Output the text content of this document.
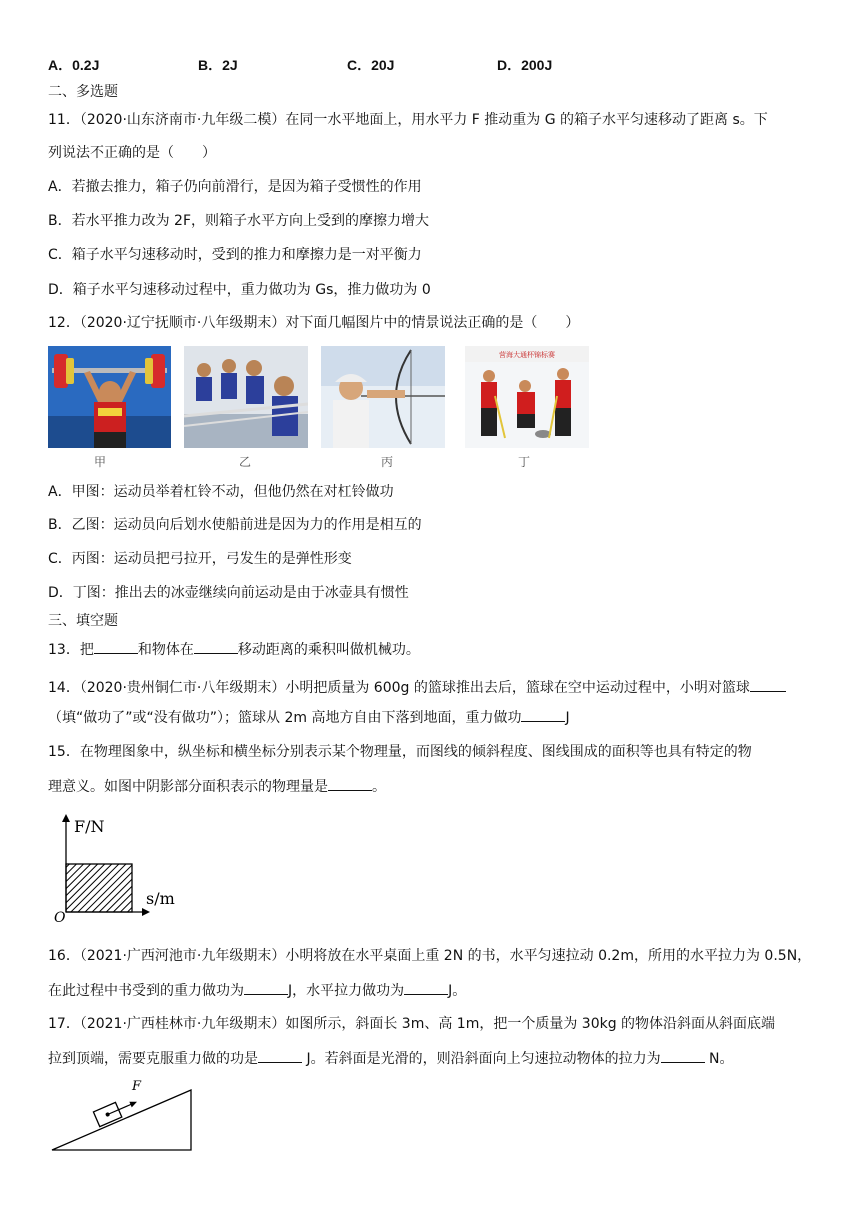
A．0.2J	B．2J	C．20J	D．200J
二、多选题
11．（2020·山东济南市·九年级二模）在同一水平地面上，用水平力 F 推动重为 G 的箱子水平匀速移动了距离 s。下
列说法不正确的是（　　）
A．若撤去推力，箱子仍向前滑行，是因为箱子受惯性的作用
B．若水平推力改为 2F，则箱子水平方向上受到的摩擦力增大
C．箱子水平匀速移动时，受到的推力和摩擦力是一对平衡力
D．箱子水平匀速移动过程中，重力做功为 Gs，推力做功为 0
12．（2020·辽宁抚顺市·八年级期末）对下面几幅图片中的情景说法正确的是（　　）
营海大通杯锦标赛
甲	乙	丙	丁
A．甲图：运动员举着杠铃不动，但他仍然在对杠铃做功
B．乙图：运动员向后划水使船前进是因为力的作用是相互的
C．丙图：运动员把弓拉开，弓发生的是弹性形变
D．丁图：推出去的冰壶继续向前运动是由于冰壶具有惯性
三、填空题
13．把	和物体在	移动距离的乘积叫做机械功。
14．（2020·贵州铜仁市·八年级期末）小明把质量为 600g 的篮球推出去后，篮球在空中运动过程中，小明对篮球
（填“做功了”或“没有做功”）；篮球从 2m 高地方自由下落到地面，重力做功	J
15．在物理图象中，纵坐标和横坐标分别表示某个物理量，而图线的倾斜程度、图线围成的面积等也具有特定的物
理意义。如图中阴影部分面积表示的物理量是	。
F/N
s/m
O
16．（2021·广西河池市·九年级期末）小明将放在水平桌面上重 2N 的书，水平匀速拉动 0.2m，所用的水平拉力为 0.5N，
在此过程中书受到的重力做功为	J，水平拉力做功为	J。
17．（2021·广西桂林市·九年级期末）如图所示，斜面长 3m、高 1m，把一个质量为 30kg 的物体沿斜面从斜面底端
拉到顶端，需要克服重力做的功是	J。若斜面是光滑的，则沿斜面向上匀速拉动物体的拉力为	N。
F
